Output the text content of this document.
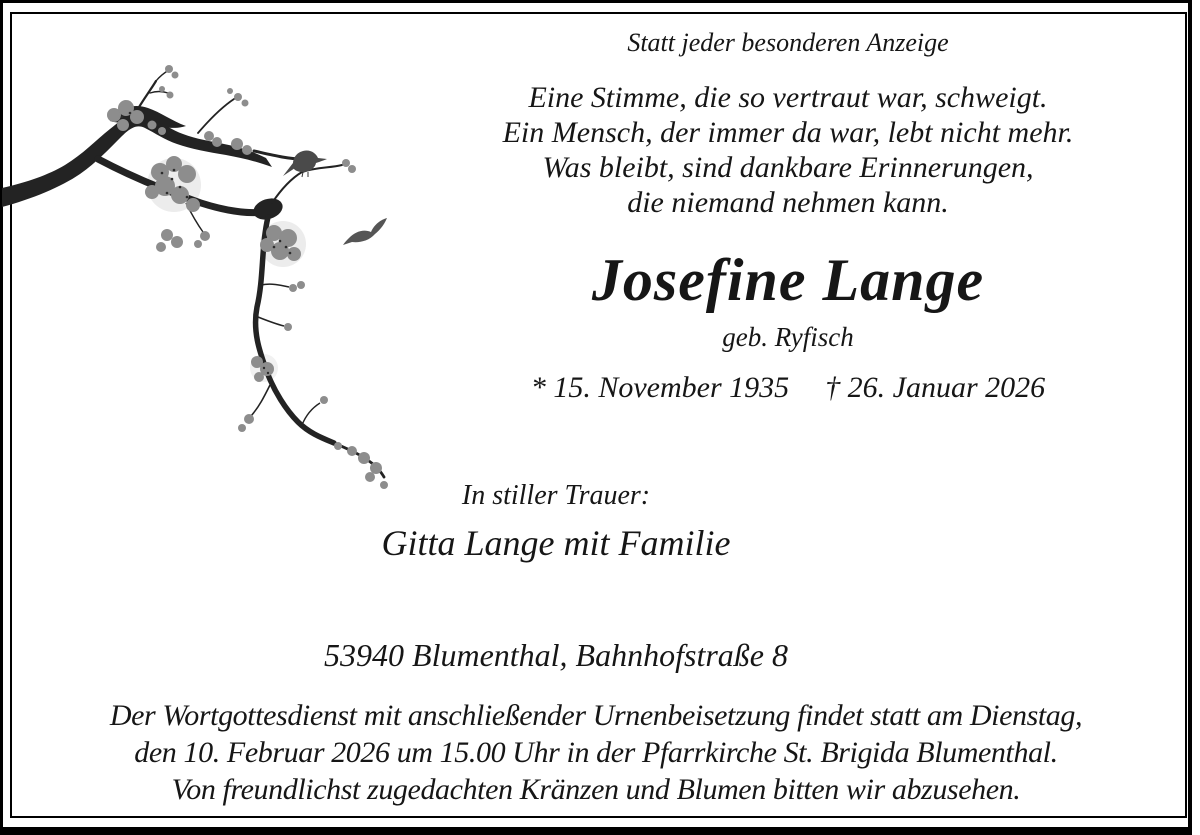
Statt jeder besonderen Anzeige
Eine Stimme, die so vertraut war, schweigt.
Ein Mensch, der immer da war, lebt nicht mehr.
Was bleibt, sind dankbare Erinnerungen,
die niemand nehmen kann.
Josefine Lange
geb. Ryfisch
* 15. November 1935 † 26. Januar 2026
In stiller Trauer:
Gitta Lange mit Familie
53940 Blumenthal, Bahnhofstraße 8
Der Wortgottesdienst mit anschließender Urnenbeisetzung findet statt am Dienstag,
den 10. Februar 2026 um 15.00 Uhr in der Pfarrkirche St. Brigida Blumenthal.
Von freundlichst zugedachten Kränzen und Blumen bitten wir abzusehen.
